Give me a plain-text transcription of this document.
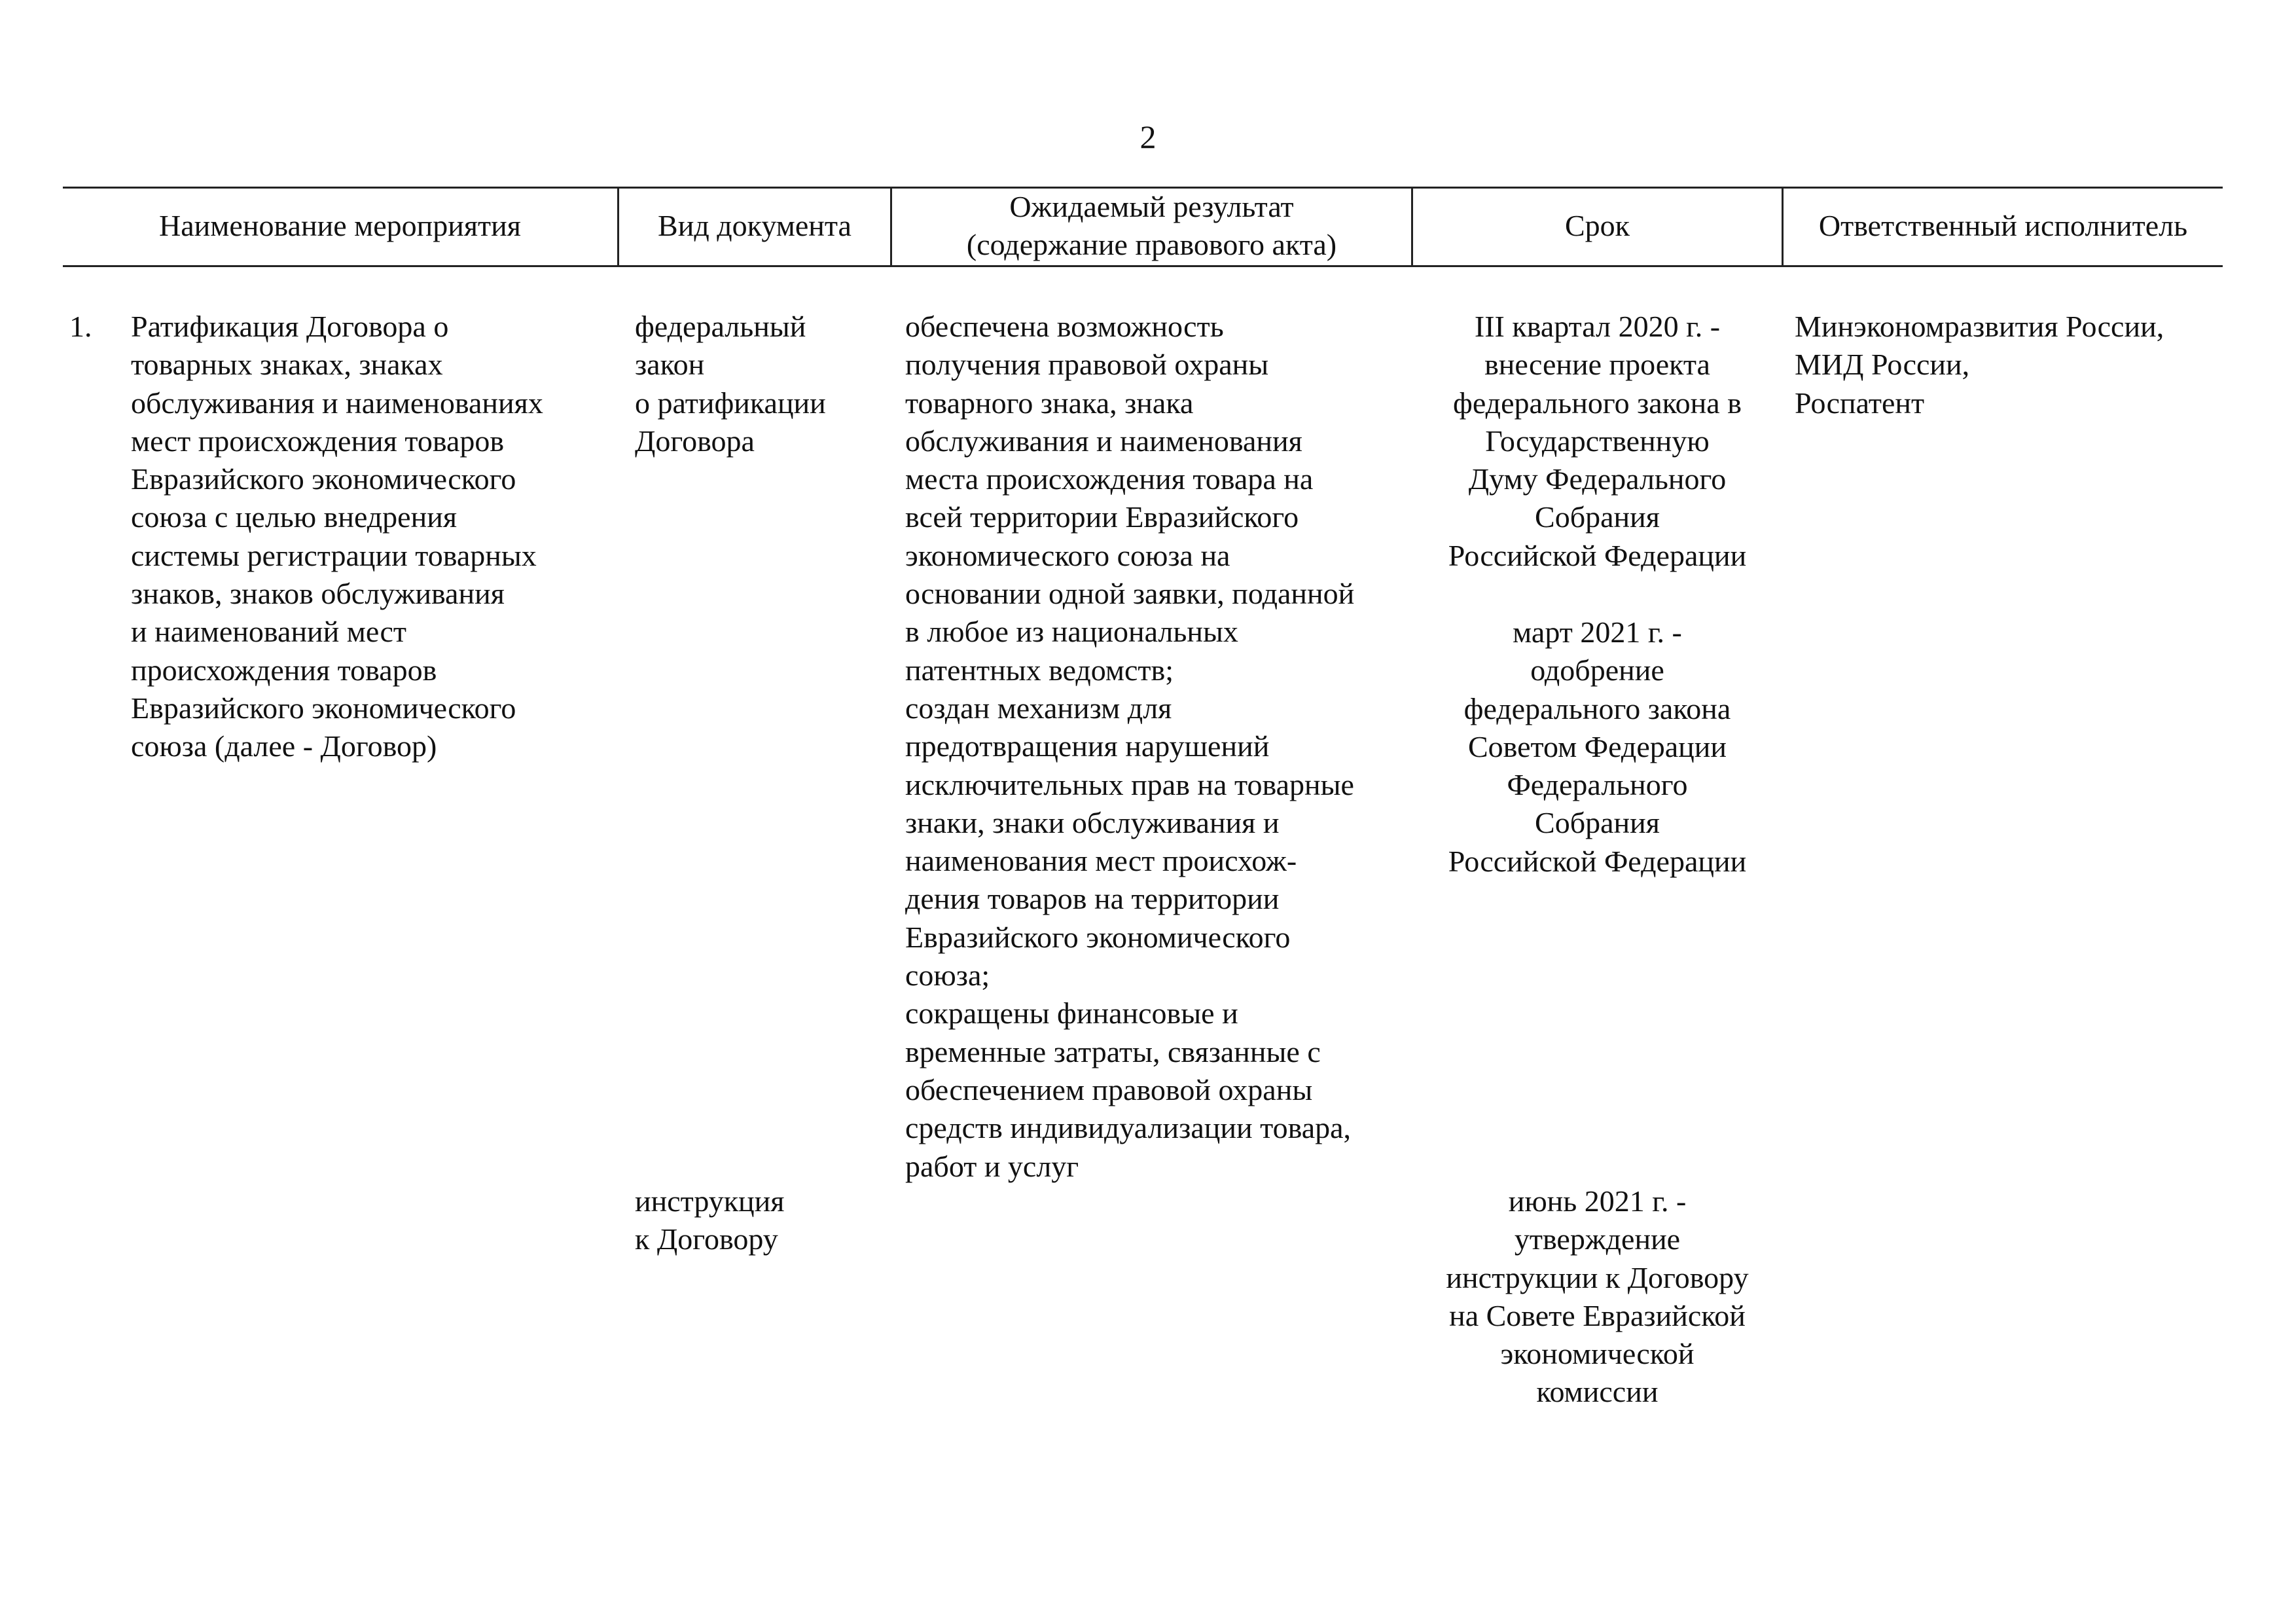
2
Наименование мероприятия	Вид документа
Ожидаемый результат
(содержание правового акта)
Срок	Ответственный исполнитель
1. Ратификация Договора о
товарных знаках, знаках
обслуживания и наименованиях
мест происхождения товаров
Евразийского экономического
союза с целью внедрения
системы регистрации товарных
знаков, знаков обслуживания
и наименований мест
происхождения товаров
Евразийского экономического
союза (далее - Договор)
федеральный
закон
о ратификации
Договора
инструкция
к Договору
обеспечена возможность
получения правовой охраны
товарного знака, знака
обслуживания и наименования
места происхождения товара на
всей территории Евразийского
экономического союза на
основании одной заявки, поданной
в любое из национальных
патентных ведомств;
создан механизм для
предотвращения нарушений
исключительных прав на товарные
знаки, знаки обслуживания и
наименования мест происхож-
дения товаров на территории
Евразийского экономического
союза;
сокращены финансовые и
временные затраты, связанные с
обеспечением правовой охраны
средств индивидуализации товара,
работ и услуг
III квартал 2020 г. -
внесение проекта
федерального закона в
Государственную
Думу Федерального
Собрания
Российской Федерации
март 2021 г. -
одобрение
федерального закона
Советом Федерации
Федерального
Собрания
Российской Федерации
июнь 2021 г. -
утверждение
инструкции к Договору
на Совете Евразийской
экономической
комиссии
Минэкономразвития России,
МИД России,
Роспатент
